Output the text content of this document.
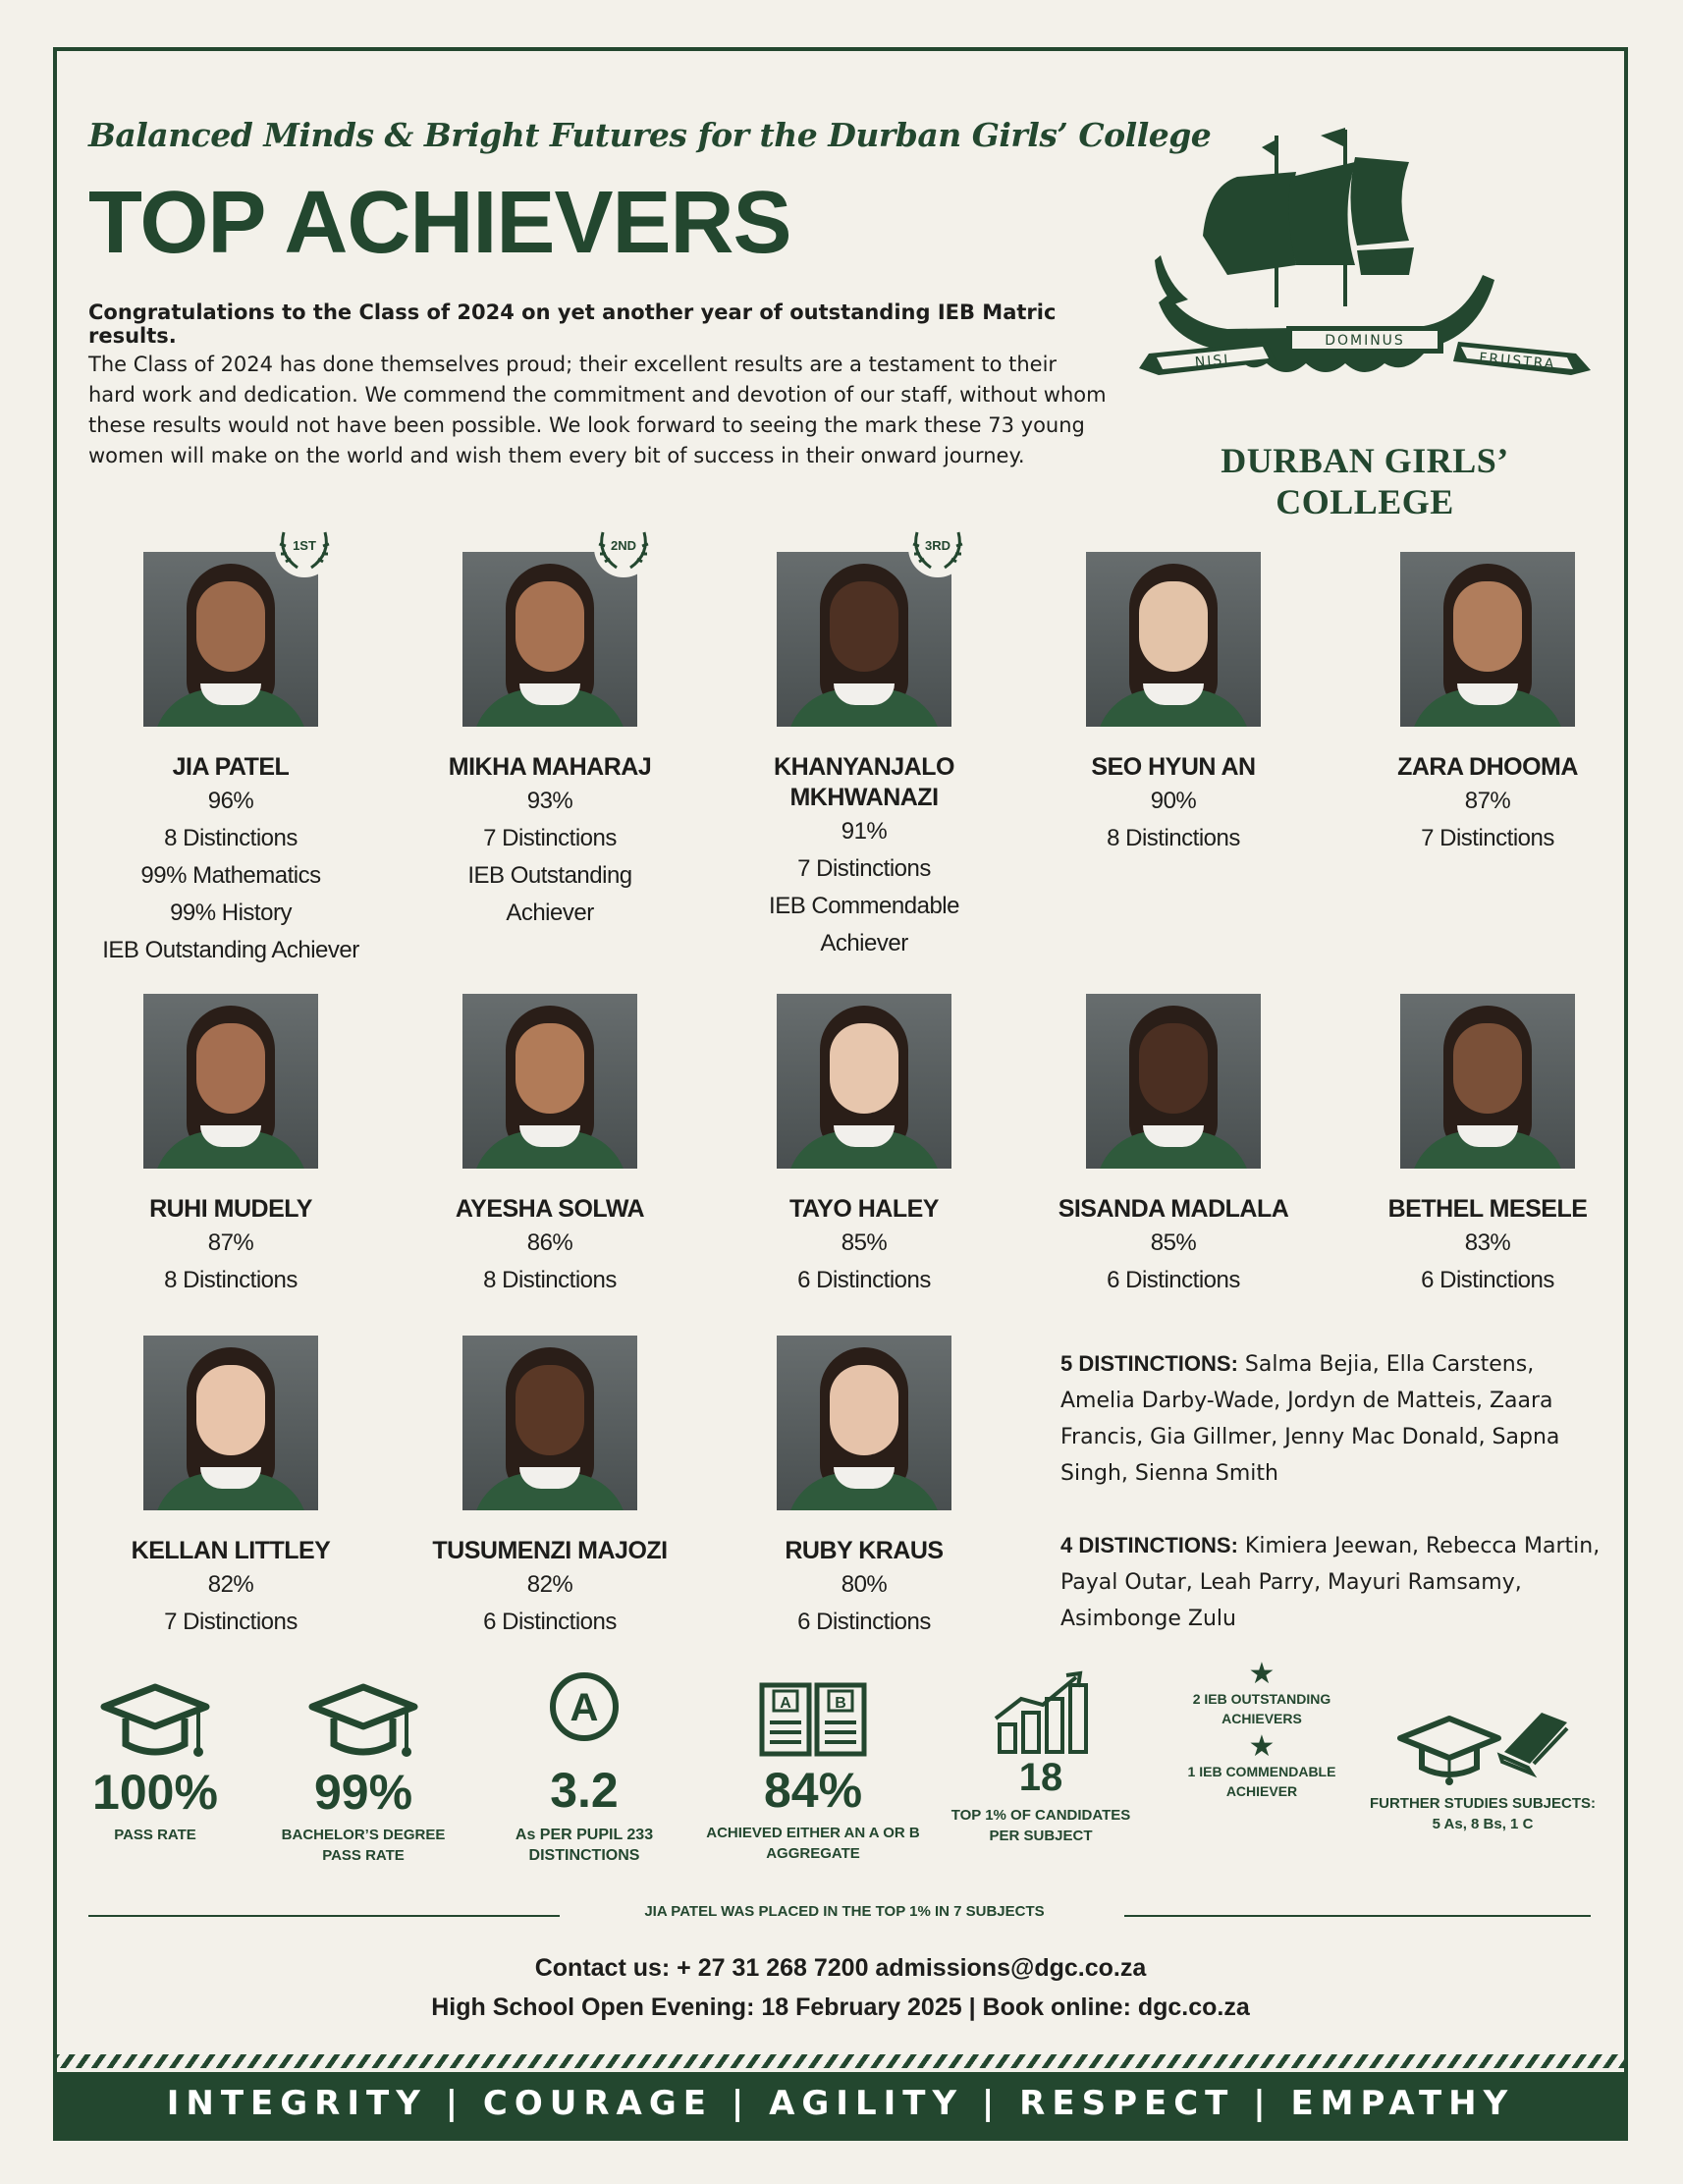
Balanced Minds & Bright Futures for the Durban Girls’ College
TOP ACHIEVERS
Congratulations to the Class of 2024 on yet another year of outstanding IEB Matric results.
The Class of 2024 has done themselves proud; their excellent results are a testament to their hard work and dedication. We commend the commitment and devotion of our staff, without whom these results would not have been possible. We look forward to seeing the mark these 73 young women will make on the world and wish them every bit of success in their onward journey.
NISI
DOMINUS
FRUSTRA
DURBAN GIRLS’ COLLEGE
1ST
JIA PATEL
96%
8 Distinctions
99% Mathematics
99% History
IEB Outstanding Achiever
2ND
MIKHA MAHARAJ
93%
7 Distinctions
IEB Outstanding
Achiever
3RD
KHANYANJALO MKHWANAZI
91%
7 Distinctions
IEB Commendable
Achiever
SEO HYUN AN
90%
8 Distinctions
ZARA DHOOMA
87%
7 Distinctions
RUHI MUDELY
87%
8 Distinctions
AYESHA SOLWA
86%
8 Distinctions
TAYO HALEY
85%
6 Distinctions
SISANDA MADLALA
85%
6 Distinctions
BETHEL MESELE
83%
6 Distinctions
KELLAN LITTLEY
82%
7 Distinctions
TUSUMENZI MAJOZI
82%
6 Distinctions
RUBY KRAUS
80%
6 Distinctions
5 DISTINCTIONS: Salma Bejia, Ella Carstens, Amelia Darby-Wade, Jordyn de Matteis, Zaara Francis, Gia Gillmer, Jenny Mac Donald, Sapna Singh, Sienna Smith
4 DISTINCTIONS: Kimiera Jeewan, Rebecca Martin, Payal Outar, Leah Parry, Mayuri Ramsamy, Asimbonge Zulu
100%
PASS RATE
99%
BACHELOR’S DEGREE PASS RATE
A
3.2
As PER PUPIL 233 DISTINCTIONS
A	B
84%
ACHIEVED EITHER AN A OR B AGGREGATE
18
TOP 1% OF CANDIDATES PER SUBJECT
★
2 IEB OUTSTANDING ACHIEVERS
★
1 IEB COMMENDABLE ACHIEVER
FURTHER STUDIES SUBJECTS: 5 As, 8 Bs, 1 C
JIA PATEL WAS PLACED IN THE TOP 1% IN 7 SUBJECTS
Contact us: + 27 31 268 7200 admissions@dgc.co.za
High School Open Evening: 18 February 2025 | Book online: dgc.co.za
INTEGRITY | COURAGE | AGILITY | RESPECT | EMPATHY
